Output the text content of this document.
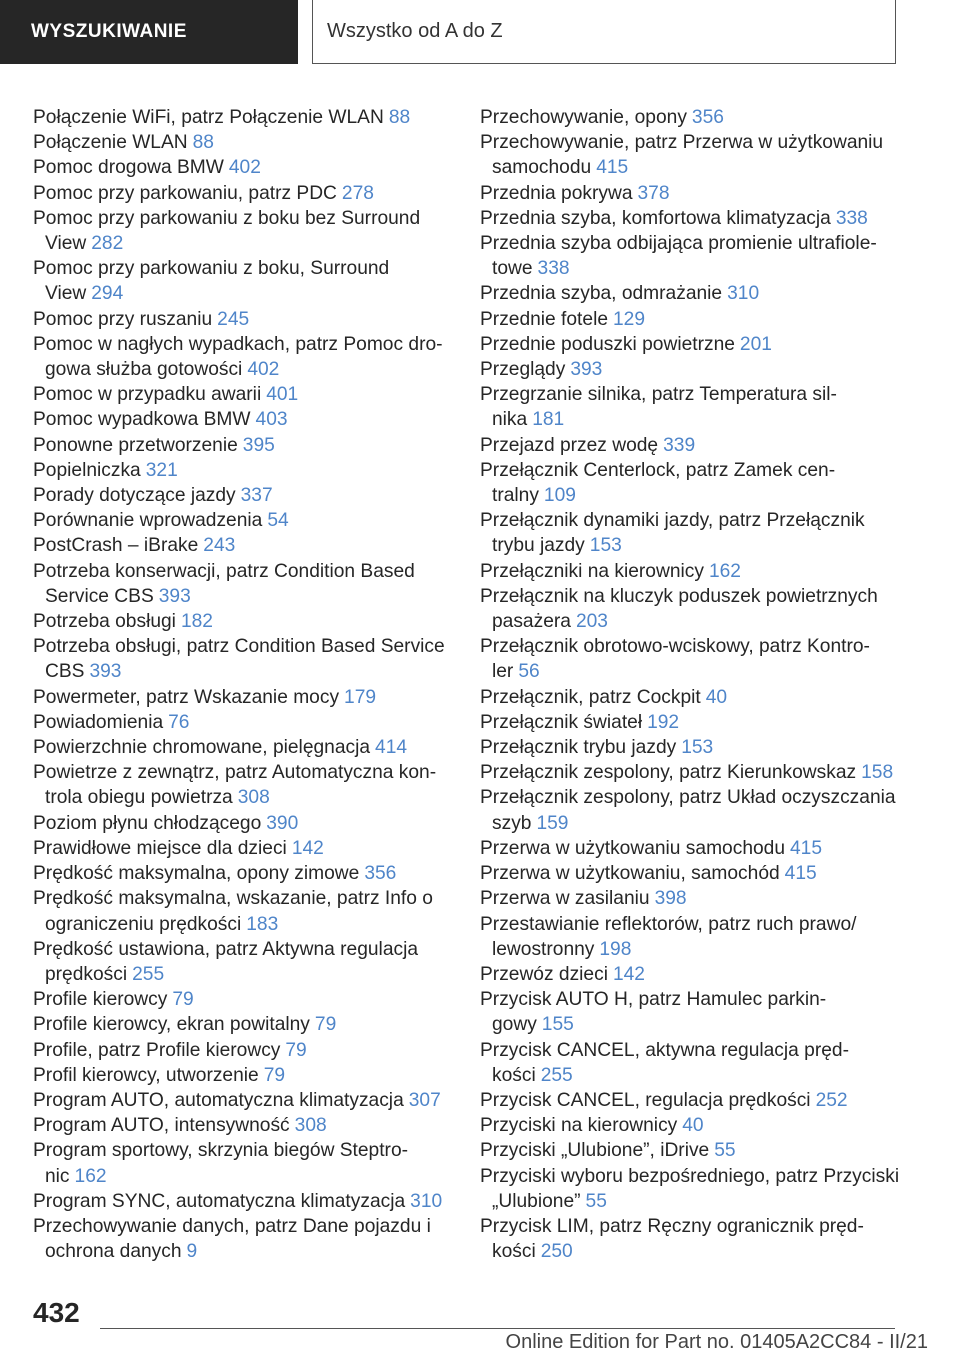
WYSZUKIWANIE	Wszystko od A do Z
Połączenie WiFi, patrz Połączenie WLAN 88
Połączenie WLAN 88
Pomoc drogowa BMW 402
Pomoc przy parkowaniu, patrz PDC 278
Pomoc przy parkowaniu z boku bez Surround View 282
Pomoc przy parkowaniu z boku, Surround View 294
Pomoc przy ruszaniu 245
Pomoc w nagłych wypadkach, patrz Pomoc dro-gowa służba gotowości 402
Pomoc w przypadku awarii 401
Pomoc wypadkowa BMW 403
Ponowne przetworzenie 395
Popielniczka 321
Porady dotyczące jazdy 337
Porównanie wprowadzenia 54
PostCrash – iBrake 243
Potrzeba konserwacji, patrz Condition Based Service CBS 393
Potrzeba obsługi 182
Potrzeba obsługi, patrz Condition Based Service CBS 393
Powermeter, patrz Wskazanie mocy 179
Powiadomienia 76
Powierzchnie chromowane, pielęgnacja 414
Powietrze z zewnątrz, patrz Automatyczna kon-trola obiegu powietrza 308
Poziom płynu chłodzącego 390
Prawidłowe miejsce dla dzieci 142
Prędkość maksymalna, opony zimowe 356
Prędkość maksymalna, wskazanie, patrz Info o ograniczeniu prędkości 183
Prędkość ustawiona, patrz Aktywna regulacja prędkości 255
Profile kierowcy 79
Profile kierowcy, ekran powitalny 79
Profile, patrz Profile kierowcy 79
Profil kierowcy, utworzenie 79
Program AUTO, automatyczna klimatyzacja 307
Program AUTO, intensywność 308
Program sportowy, skrzynia biegów Steptro-nic 162
Program SYNC, automatyczna klimatyzacja 310
Przechowywanie danych, patrz Dane pojazdu i ochrona danych 9
Przechowywanie, opony 356
Przechowywanie, patrz Przerwa w użytkowaniu samochodu 415
Przednia pokrywa 378
Przednia szyba, komfortowa klimatyzacja 338
Przednia szyba odbijająca promienie ultrafiole-towe 338
Przednia szyba, odmrażanie 310
Przednie fotele 129
Przednie poduszki powietrzne 201
Przeglądy 393
Przegrzanie silnika, patrz Temperatura sil-nika 181
Przejazd przez wodę 339
Przełącznik Centerlock, patrz Zamek cen-tralny 109
Przełącznik dynamiki jazdy, patrz Przełącznik trybu jazdy 153
Przełączniki na kierownicy 162
Przełącznik na kluczyk poduszek powietrznych pasażera 203
Przełącznik obrotowo-wciskowy, patrz Kontro-ler 56
Przełącznik, patrz Cockpit 40
Przełącznik świateł 192
Przełącznik trybu jazdy 153
Przełącznik zespolony, patrz Kierunkowskaz 158
Przełącznik zespolony, patrz Układ oczyszczania szyb 159
Przerwa w użytkowaniu samochodu 415
Przerwa w użytkowaniu, samochód 415
Przerwa w zasilaniu 398
Przestawianie reflektorów, patrz ruch prawo/ lewostronny 198
Przewóz dzieci 142
Przycisk AUTO H, patrz Hamulec parkin-gowy 155
Przycisk CANCEL, aktywna regulacja pręd-kości 255
Przycisk CANCEL, regulacja prędkości 252
Przyciski na kierownicy 40
Przyciski „Ulubione”, iDrive 55
Przyciski wyboru bezpośredniego, patrz Przyciski „Ulubione” 55
Przycisk LIM, patrz Ręczny ogranicznik pręd-kości 250
432
Online Edition for Part no. 01405A2CC84 - II/21
